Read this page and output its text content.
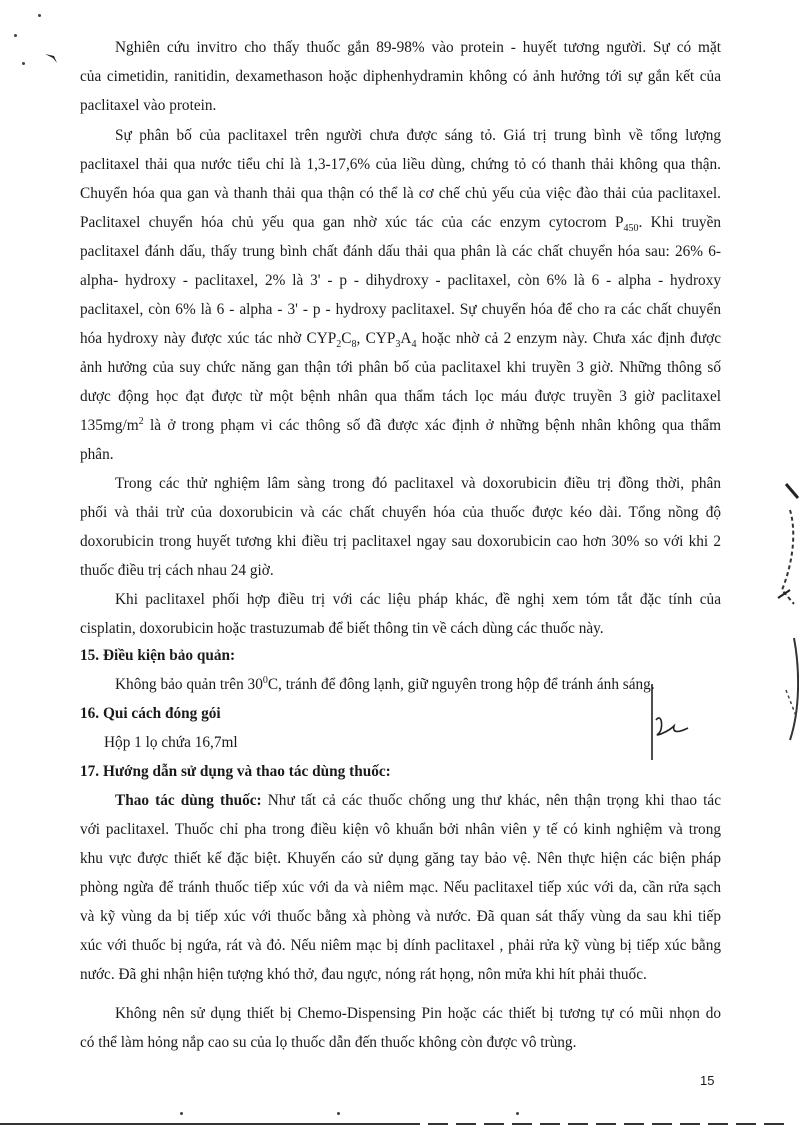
Nghiên cứu invitro cho thấy thuốc gắn 89-98% vào protein - huyết tương người. Sự có mặt
của cimetidin, ranitidin, dexamethason hoặc diphenhydramin không có ảnh hưởng tới sự gắn kết của
paclitaxel vào protein.
Sự phân bố của paclitaxel trên người chưa được sáng tỏ. Giá trị trung bình về tổng lượng
paclitaxel thải qua nước tiểu chỉ là 1,3-17,6% của liều dùng, chứng tỏ có thanh thải không qua thận.
Chuyển hóa qua gan và thanh thải qua thận có thể là cơ chế chủ yếu của việc đào thải của paclitaxel.
Paclitaxel chuyển hóa chủ yếu qua gan nhờ xúc tác của các enzym cytocrom $P_{450}$. Khi truyền
paclitaxel đánh dấu, thấy trung bình chất đánh dấu thải qua phân là các chất chuyển hóa sau: 26% 6-
alpha- hydroxy - paclitaxel, 2% là 3' - p - dihydroxy - paclitaxel, còn 6% là 6 - alpha - hydroxy
paclitaxel, còn 6% là 6 - alpha - 3' - p - hydroxy paclitaxel. Sự chuyển hóa để cho ra các chất chuyển
hóa hydroxy này được xúc tác nhờ $CYP_2C_8$, $CYP_3A_4$ hoặc nhờ cả 2 enzym này. Chưa xác định được
ảnh hưởng của suy chức năng gan thận tới phân bố của paclitaxel khi truyền 3 giờ. Những thông số
dược động học đạt được từ một bệnh nhân qua thẩm tách lọc máu được truyền 3 giờ paclitaxel
$135mg/m^2$ là ở trong phạm vi các thông số đã được xác định ở những bệnh nhân không qua thẩm
phân.
Trong các thử nghiệm lâm sàng trong đó paclitaxel và doxorubicin điều trị đồng thời, phân
phối và thải trừ của doxorubicin và các chất chuyển hóa của thuốc được kéo dài. Tổng nồng độ
doxorubicin trong huyết tương khi điều trị paclitaxel ngay sau doxorubicin cao hơn 30% so với khi 2
thuốc điều trị cách nhau 24 giờ.
Khi paclitaxel phối hợp điều trị với các liệu pháp khác, đề nghị xem tóm tắt đặc tính của
cisplatin, doxorubicin hoặc trastuzumab để biết thông tin về cách dùng các thuốc này.
15. Điều kiện bảo quản:
Không bảo quản trên $30^0C$, tránh để đông lạnh, giữ nguyên trong hộp để tránh ánh sáng.
16. Qui cách đóng gói
Hộp 1 lọ chứa 16,7ml
17. Hướng dẫn sử dụng và thao tác dùng thuốc:
Thao tác dùng thuốc: Như tất cả các thuốc chống ung thư khác, nên thận trọng khi thao tác
với paclitaxel. Thuốc chỉ pha trong điều kiện vô khuẩn bởi nhân viên y tế có kinh nghiệm và trong
khu vực được thiết kế đặc biệt. Khuyến cáo sử dụng găng tay bảo vệ. Nên thực hiện các biện pháp
phòng ngừa để tránh thuốc tiếp xúc với da và niêm mạc. Nếu paclitaxel tiếp xúc với da, cần rửa sạch
và kỹ vùng da bị tiếp xúc với thuốc bằng xà phòng và nước. Đã quan sát thấy vùng da sau khi tiếp
xúc với thuốc bị ngứa, rát và đỏ. Nếu niêm mạc bị dính paclitaxel , phải rửa kỹ vùng bị tiếp xúc bằng
nước. Đã ghi nhận hiện tượng khó thở, đau ngực, nóng rát họng, nôn mửa khi hít phải thuốc.
Không nên sử dụng thiết bị Chemo-Dispensing Pin hoặc các thiết bị tương tự có mũi nhọn do
có thể làm hỏng nắp cao su của lọ thuốc dẫn đến thuốc không còn được vô trùng.
15
